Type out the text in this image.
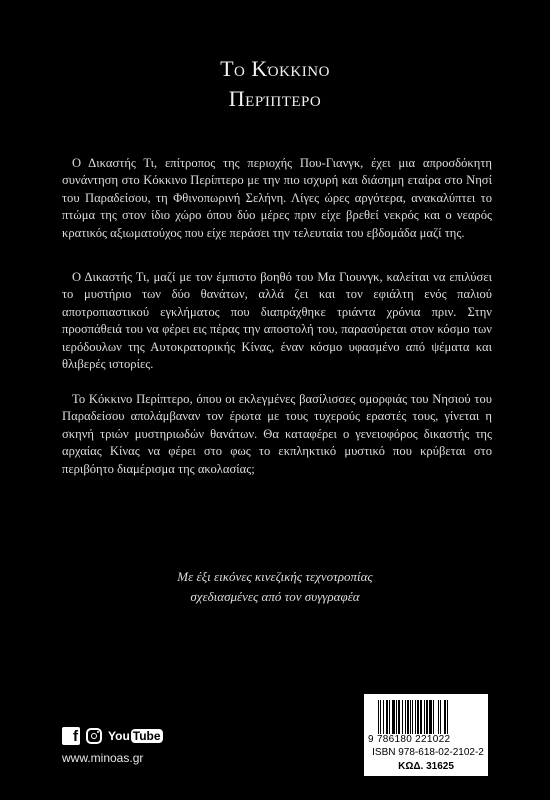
Το Κόκκινο
Περίπτερο

Ο Δικαστής Τι, επίτροπος της περιοχής Που-Γιανγκ, έχει μια απροσδόκητη συνάντηση στο Κόκκινο Περίπτερο με την πιο ισχυρή και διάσημη εταίρα στο Νησί του Παραδείσου, τη Φθινοπωρινή Σελήνη. Λίγες ώρες αργότερα, ανακαλύπτει το πτώμα της στον ίδιο χώρο όπου δύο μέρες πριν είχε βρεθεί νεκρός και ο νεαρός κρατικός αξιωματούχος που είχε περάσει την τελευταία του εβδομάδα μαζί της.

Ο Δικαστής Τι, μαζί με τον έμπιστο βοηθό του Μα Γιουνγκ, καλείται να επιλύσει το μυστήριο των δύο θανάτων, αλλά ζει και τον εφιάλτη ενός παλιού αποτροπιαστικού εγκλήματος που διαπράχθηκε τριάντα χρόνια πριν. Στην προσπάθειά του να φέρει εις πέρας την αποστολή του, παρασύρεται στον κόσμο των ιερόδουλων της Αυτοκρατορικής Κίνας, έναν κόσμο υφασμένο από ψέματα και θλιβερές ιστορίες.

Το Κόκκινο Περίπτερο, όπου οι εκλεγμένες βασίλισσες ομορφιάς του Νησιού του Παραδείσου απολάμβαναν τον έρωτα με τους τυχερούς εραστές τους, γίνεται η σκηνή τριών μυστηριωδών θανάτων. Θα καταφέρει ο γενειοφόρος δικαστής της αρχαίας Κίνας να φέρει στο φως το εκπληκτικό μυστικό που κρύβεται στο περιβόητο διαμέρισμα της ακολασίας;

Με έξι εικόνες κινεζικής τεχνοτροπίας
σχεδιασμένες από τον συγγραφέα
f	You Tube
www.minoas.gr
9 786180 221022
ISBN 978-618-02-2102-2
ΚΩΔ. 31625
